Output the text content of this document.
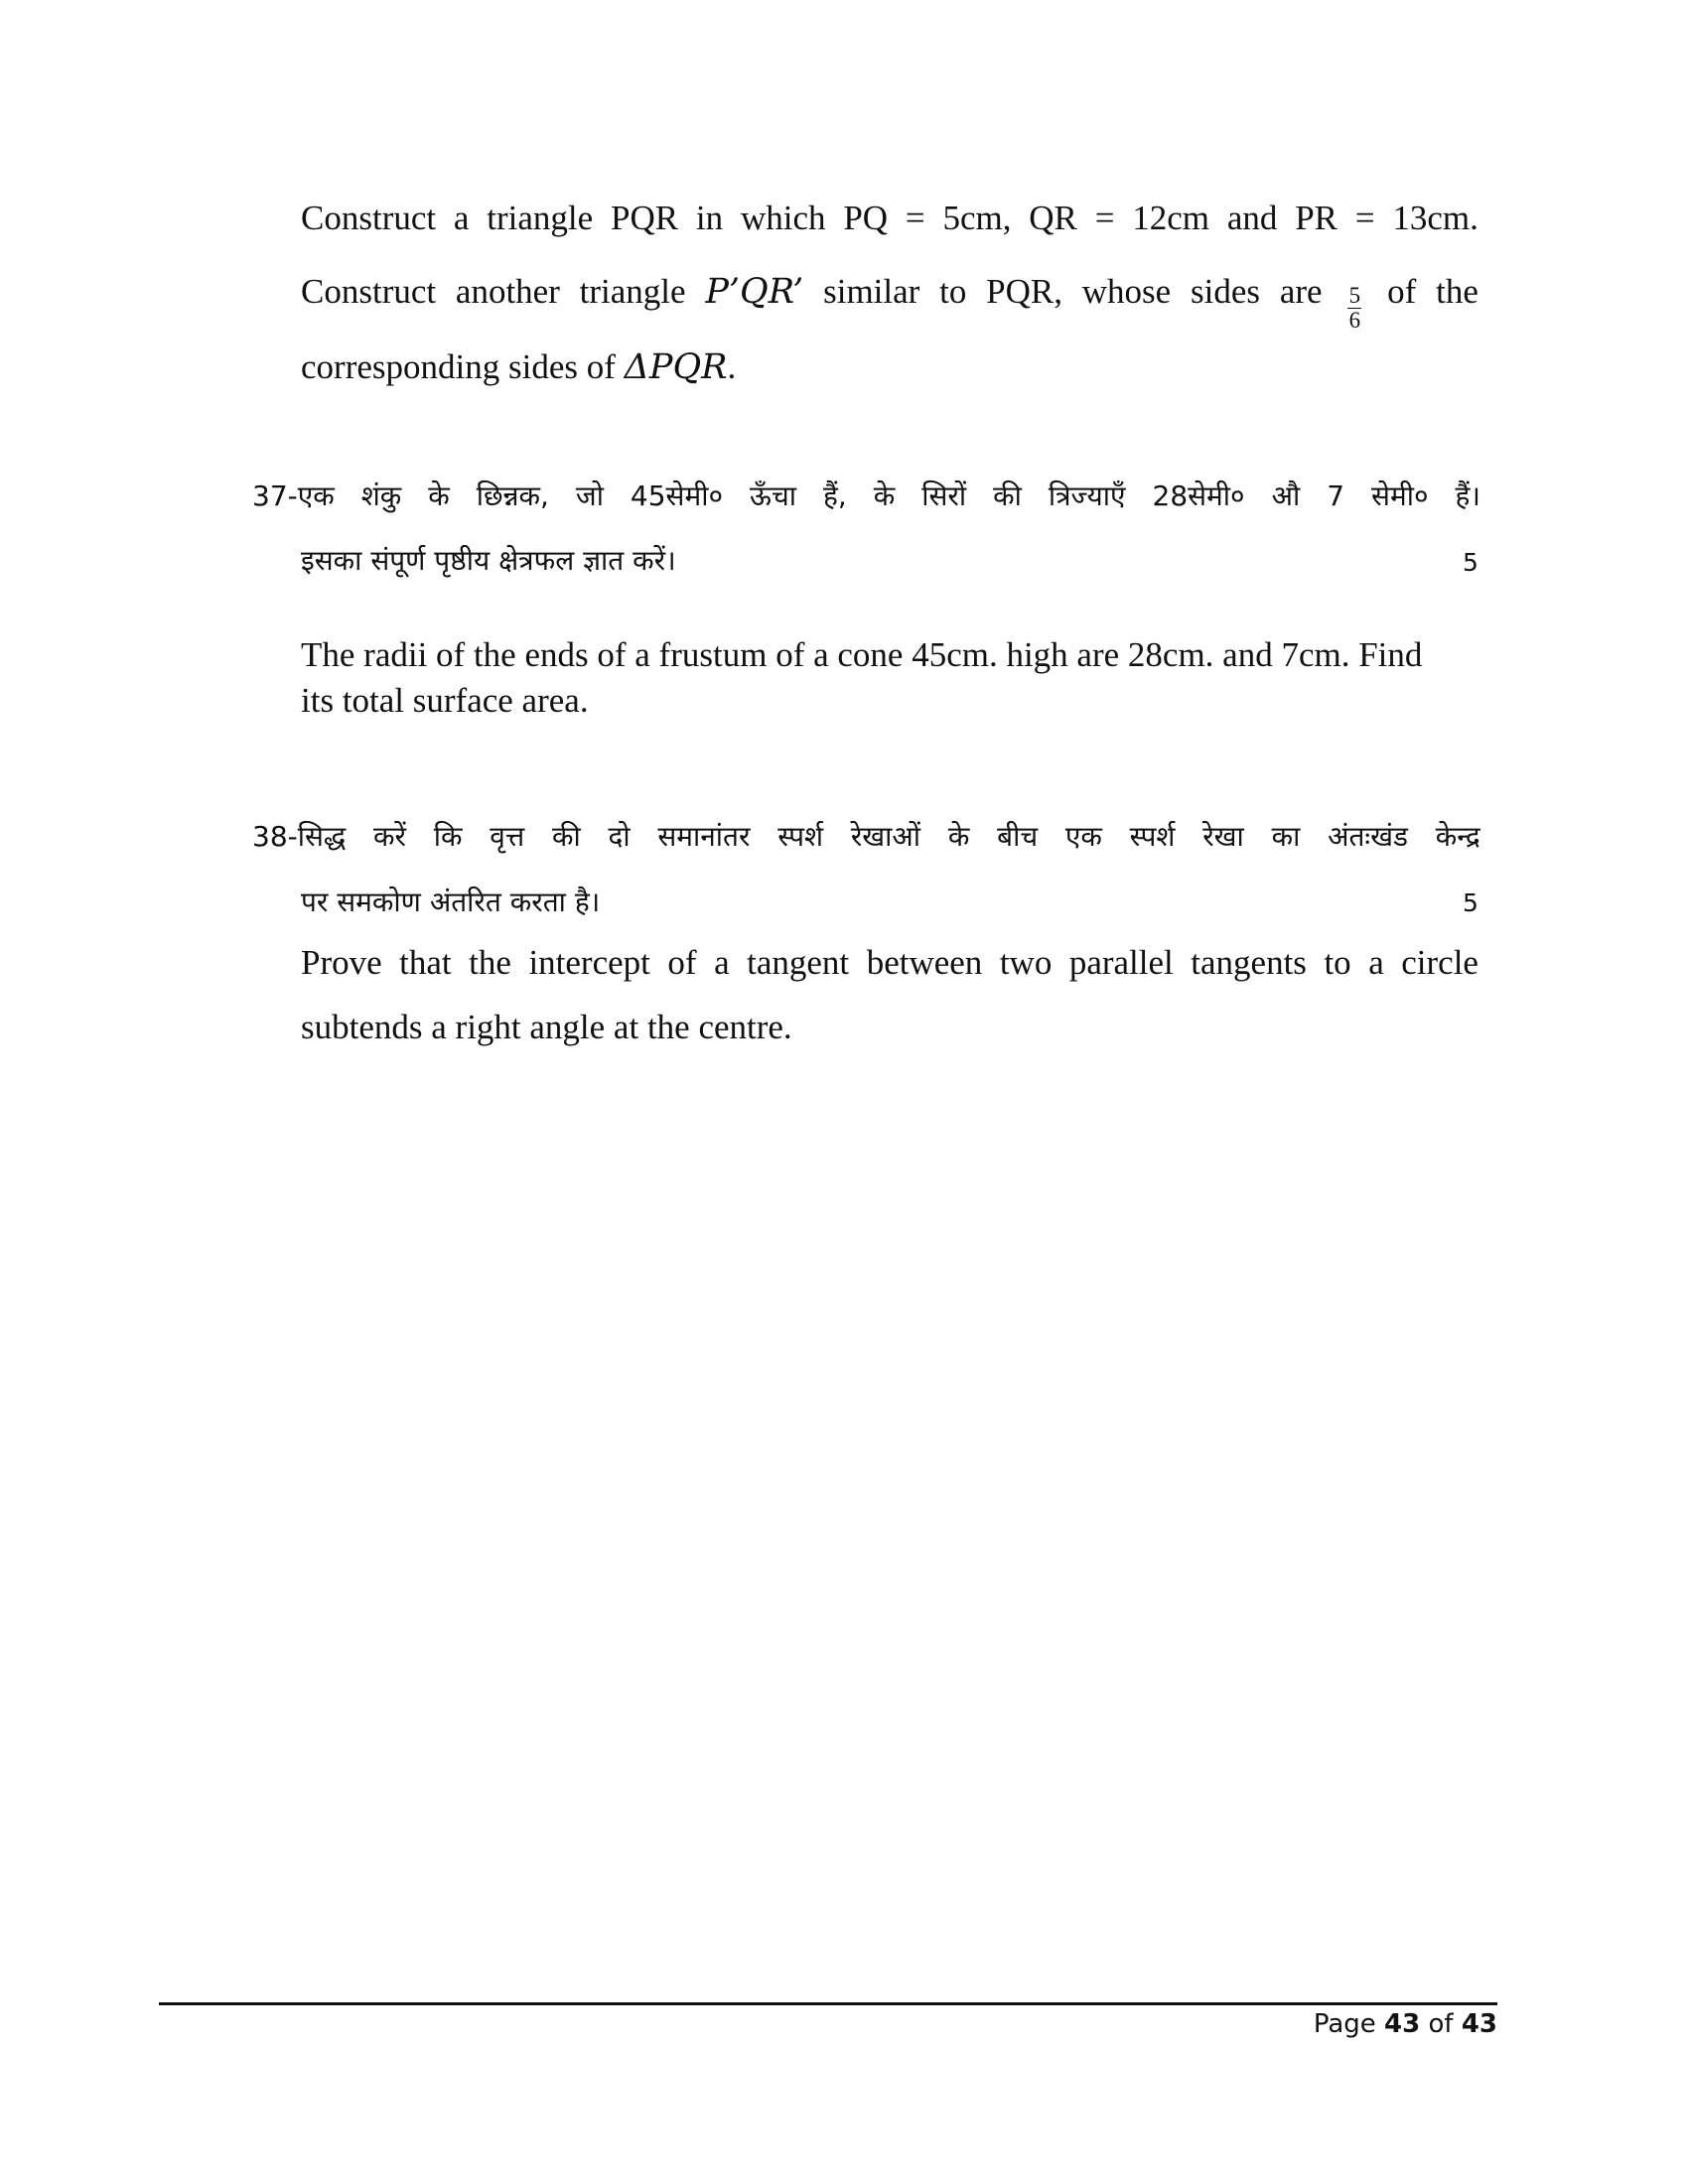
Construct a triangle PQR in which PQ = 5cm, QR = 12cm and PR = 13cm.
Construct another triangle P’QR’ similar to PQR, whose sides are $\frac{5}{6}$ of the
corresponding sides of ΔPQR.
37-एक शंकु के छिन्नक, जो 45सेमी० ऊँचा हैं, के सिरों की त्रिज्याएँ 28सेमी० औ 7 सेमी० हैं।
इसका संपूर्ण पृष्ठीय क्षेत्रफल ज्ञात करें।	5
The radii of the ends of a frustum of a cone 45cm. high are 28cm. and 7cm. Find
its total surface area.
38-सिद्ध करें कि वृत्त की दो समानांतर स्पर्श रेखाओं के बीच एक स्पर्श रेखा का अंतःखंड केन्द्र
पर समकोण अंतरित करता है।	5
Prove that the intercept of a tangent between two parallel tangents to a circle
subtends a right angle at the centre.
Page 43 of 43
